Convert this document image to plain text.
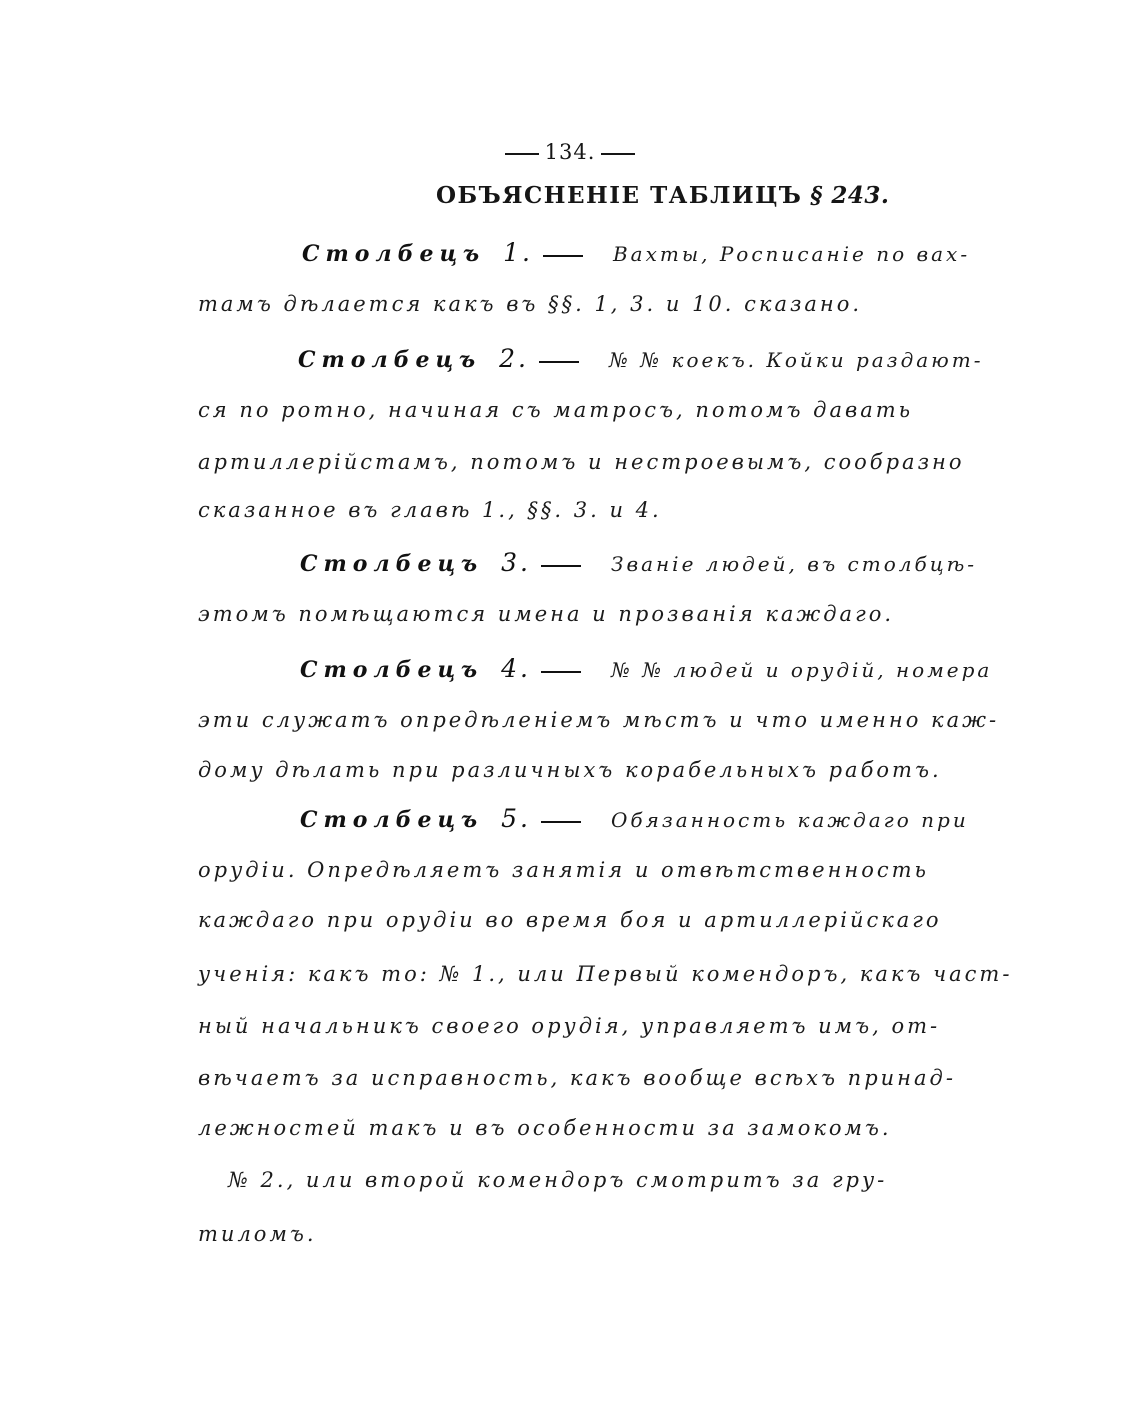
134.
ОБЪЯСНЕНІЕ ТАБЛИЦЪ § 243.
Столбецъ 1.	Вахты, Росписаніе по вах-
тамъ дѣлается какъ въ §§. 1, 3. и 10. сказано.
Столбецъ 2.	№ № коекъ. Койки раздают-
ся по ротно, начиная съ матросъ, потомъ давать
артиллерійстамъ, потомъ и нестроевымъ, сообразно
сказанное въ главѣ 1., §§. 3. и 4.
Столбецъ 3.	Званіе людей, въ столбцѣ-
этомъ помѣщаются имена и прозванія каждаго.
Столбецъ 4.	№ № людей и орудій, номера
эти служатъ опредѣленіемъ мѣстъ и что именно каж-
дому дѣлать при различныхъ корабельныхъ работъ.
Столбецъ 5.	Обязанность каждаго при
орудіи. Опредѣляетъ занятія и отвѣтственность
каждаго при орудіи во время боя и артиллерійскаго
ученія: какъ то: № 1., или Первый комендоръ, какъ част-
ный начальникъ своего орудія, управляетъ имъ, от-
вѣчаетъ за исправность, какъ вообще всѣхъ принад-
лежностей такъ и въ особенности за замокомъ.
№ 2., или второй комендоръ смотритъ за гру-
тиломъ.
